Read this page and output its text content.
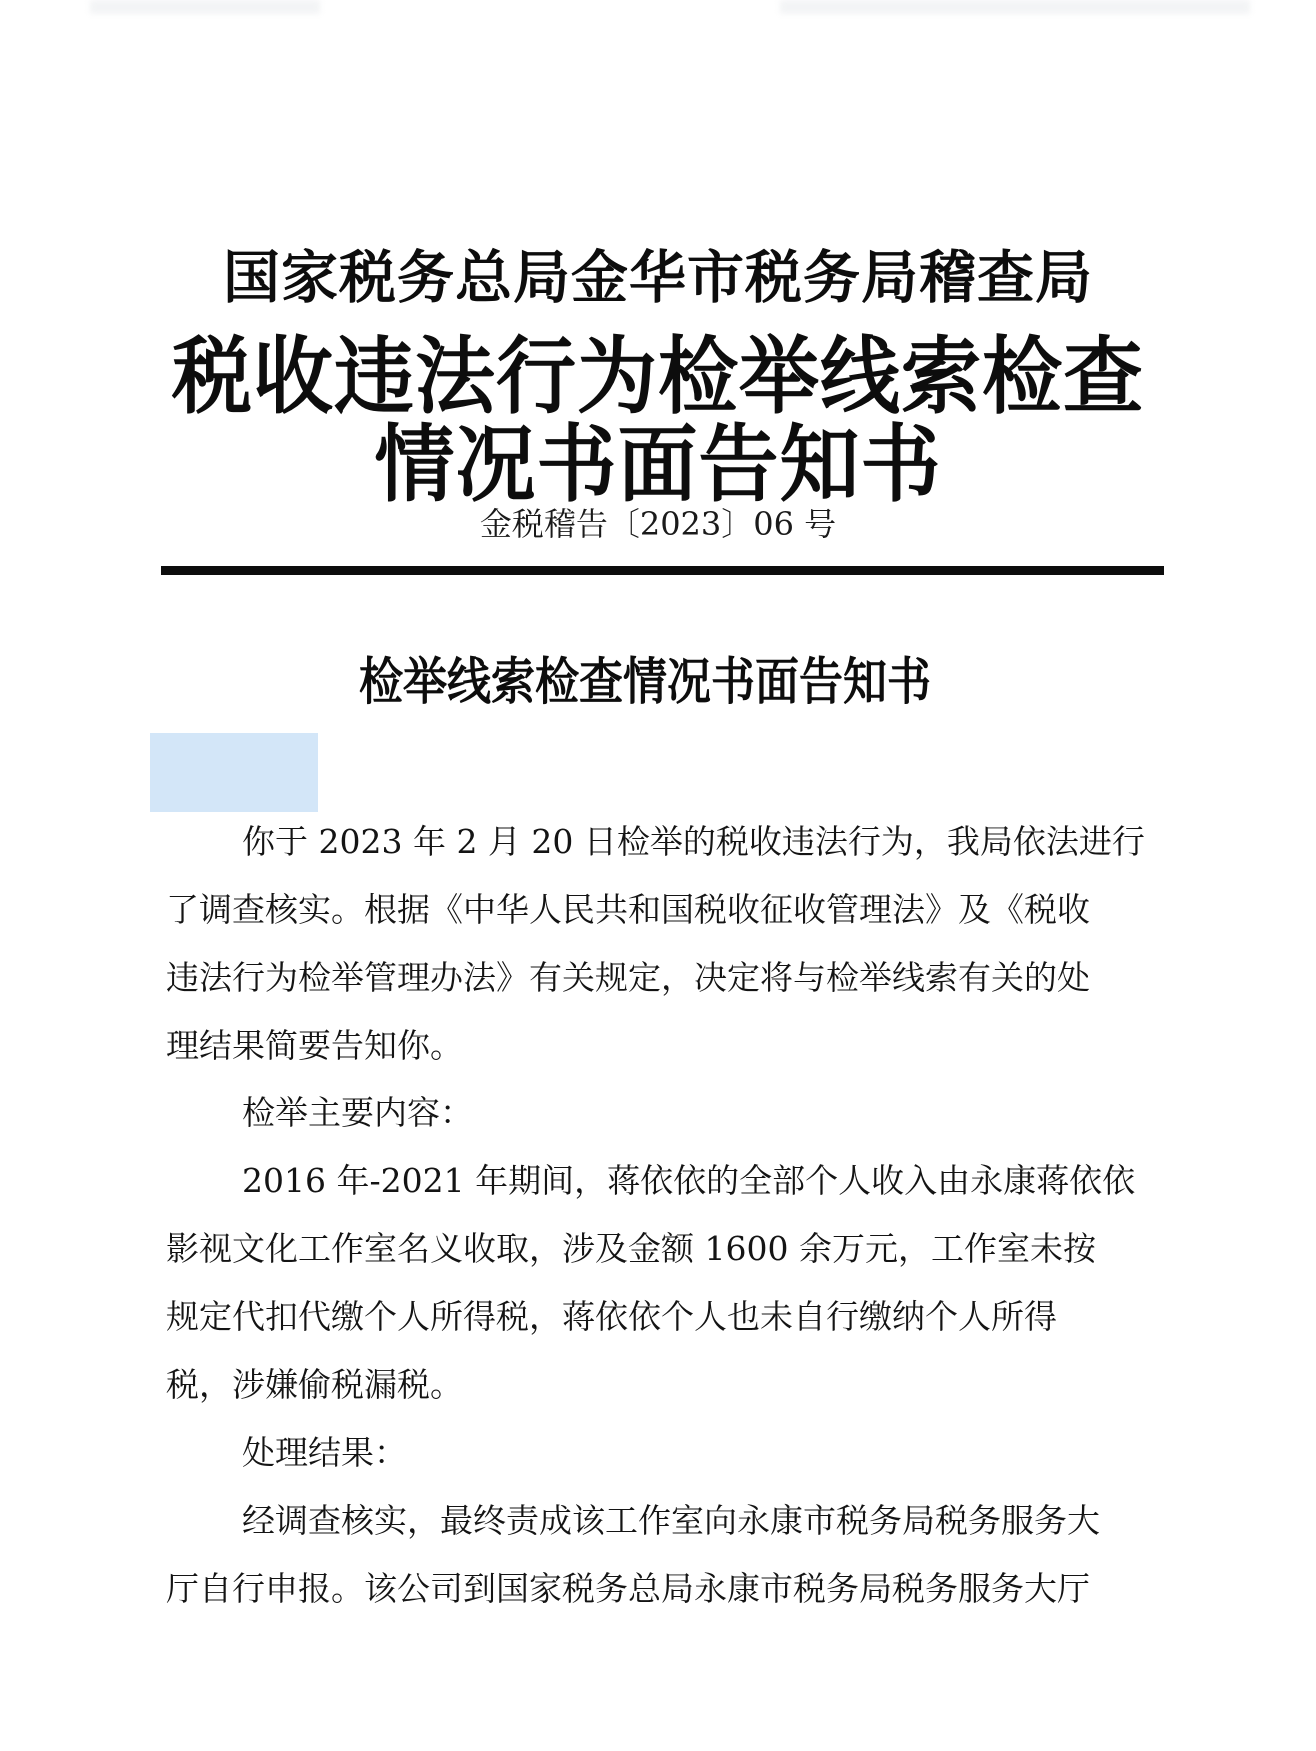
国家税务总局金华市税务局稽查局
税收违法行为检举线索检查
情况书面告知书
金税稽告〔2023〕06 号
检举线索检查情况书面告知书
你于 2023 年 2 月 20 日检举的税收违法行为，我局依法进行
了调查核实。根据《中华人民共和国税收征收管理法》及《税收
违法行为检举管理办法》有关规定，决定将与检举线索有关的处
理结果简要告知你。
检举主要内容：
2016 年-2021 年期间，蒋依依的全部个人收入由永康蒋依依
影视文化工作室名义收取，涉及金额 1600 余万元，工作室未按
规定代扣代缴个人所得税，蒋依依个人也未自行缴纳个人所得
税，涉嫌偷税漏税。
处理结果：
经调查核实，最终责成该工作室向永康市税务局税务服务大
厅自行申报。该公司到国家税务总局永康市税务局税务服务大厅
